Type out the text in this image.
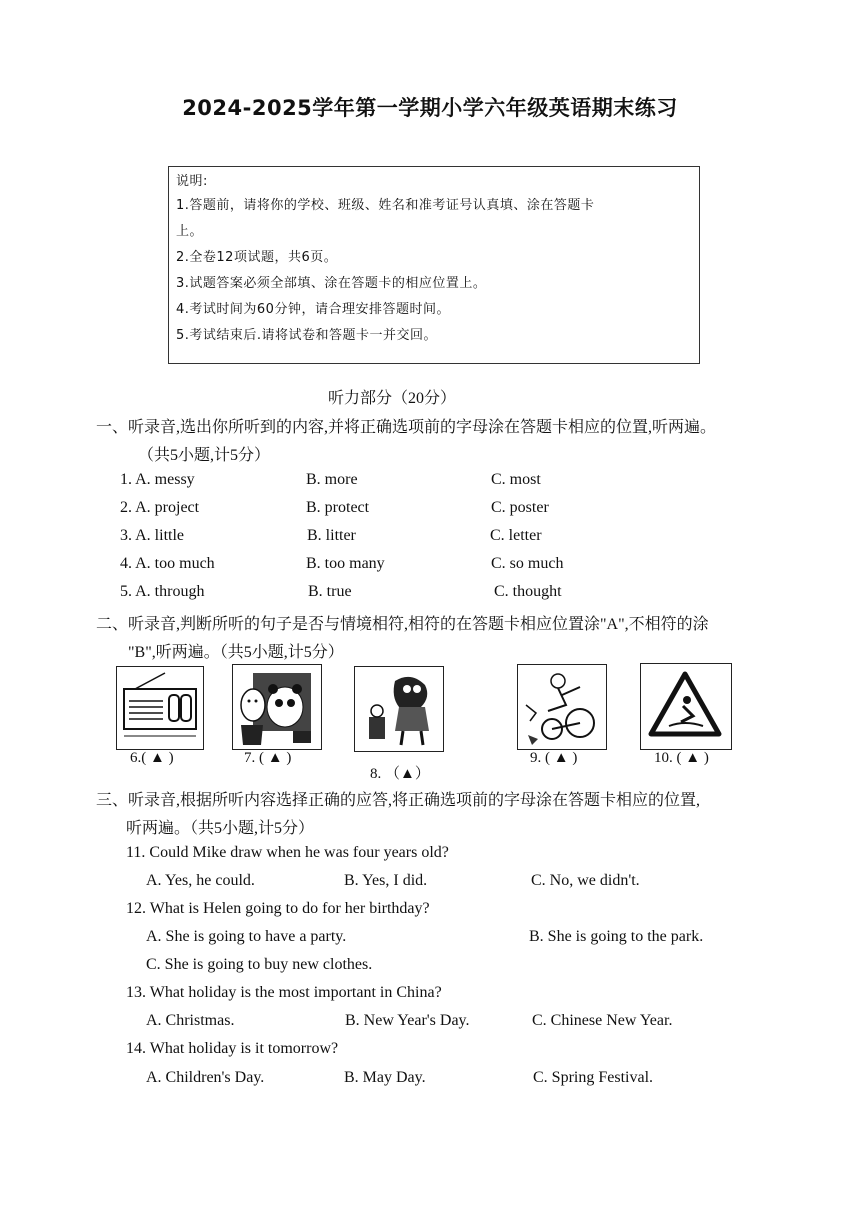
2024-2025学年第一学期小学六年级英语期末练习
说明:
1.答题前，请将你的学校、班级、姓名和准考证号认真填、涂在答题卡
上。
2.全卷12项试题，共6页。
3.试题答案必须全部填、涂在答题卡的相应位置上。
4.考试时间为60分钟，请合理安排答题时间。
5.考试结束后.请将试卷和答题卡一并交回。
听力部分（20分）
一、听录音,选出你所听到的内容,并将正确选项前的字母涂在答题卡相应的位置,听两遍。
（共5小题,计5分）
1. A. messy	B. more	C. most
2. A. project	B. protect	C. poster
3. A. little	B. litter	C. letter
4. A. too much	B. too many	C. so much
5. A. through	B. true	C. thought
二、听录音,判断所听的句子是否与情境相符,相符的在答题卡相应位置涂"A",不相符的涂
"B",听两遍。（共5小题,计5分）
6.( ▲ )	7. ( ▲ )
8. （▲）
9. ( ▲ )	10. ( ▲ )
三、听录音,根据所听内容选择正确的应答,将正确选项前的字母涂在答题卡相应的位置,
听两遍。（共5小题,计5分）
11. Could Mike draw when he was four years old?
A. Yes, he could.	B. Yes, I did.	C. No, we didn't.
12. What is Helen going to do for her birthday?
A. She is going to have a party.	B. She is going to the park.
C. She is going to buy new clothes.
13. What holiday is the most important in China?
A. Christmas.	B. New Year's Day.	C. Chinese New Year.
14. What holiday is it tomorrow?
A. Children's Day.	B. May Day.	C. Spring Festival.
